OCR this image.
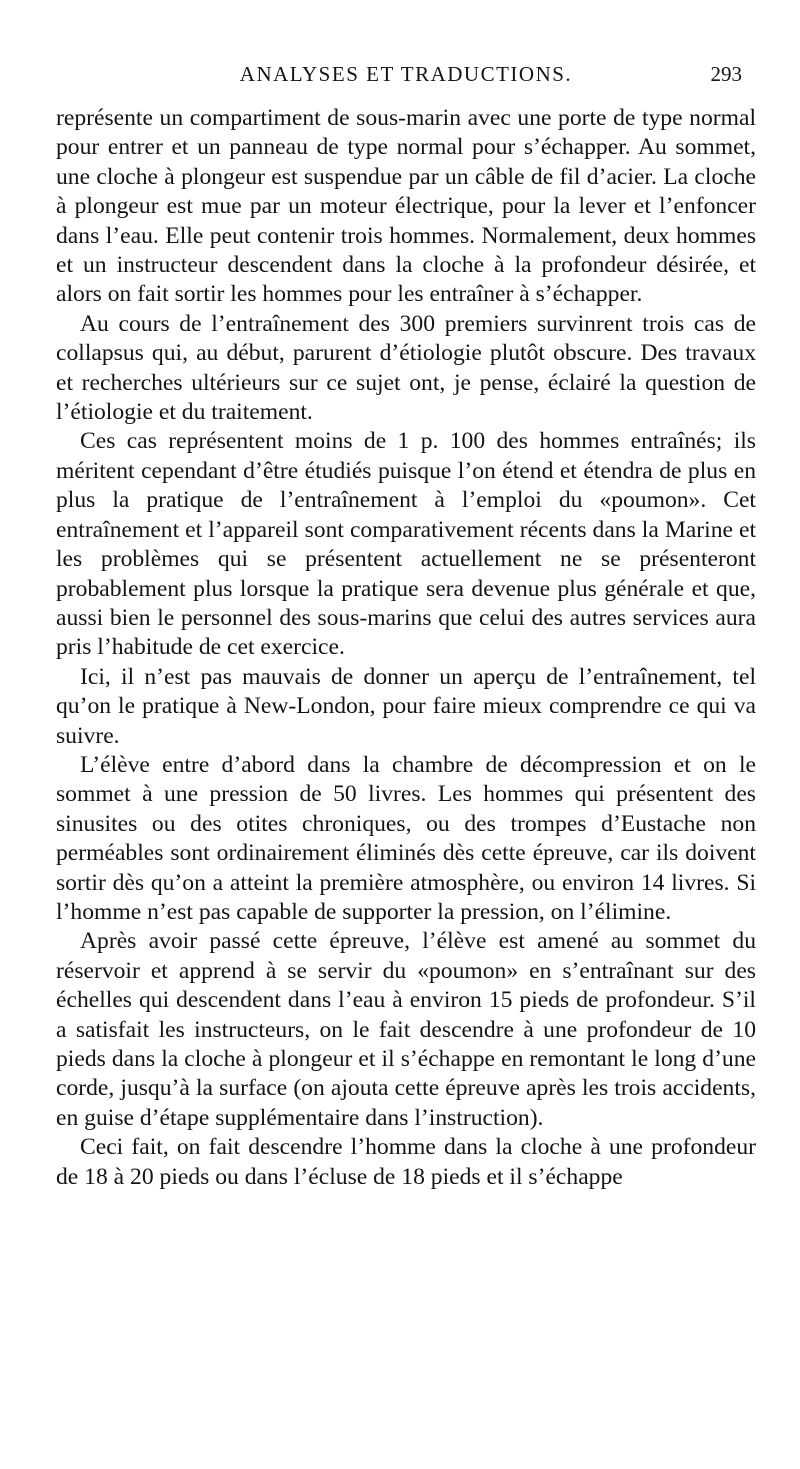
ANALYSES ET TRADUCTIONS.	293

représente un compartiment de sous-marin avec une porte de type normal pour entrer et un panneau de type normal pour s’échapper. Au sommet, une cloche à plongeur est suspendue par un câble de fil d’acier. La cloche à plongeur est mue par un moteur électrique, pour la lever et l’enfoncer dans l’eau. Elle peut contenir trois hommes. Normalement, deux hommes et un instructeur descendent dans la cloche à la profondeur désirée, et alors on fait sortir les hommes pour les entraîner à s’échapper.

Au cours de l’entraînement des 300 premiers survinrent trois cas de collapsus qui, au début, parurent d’étiologie plutôt obscure. Des travaux et recherches ultérieurs sur ce sujet ont, je pense, éclairé la question de l’étiologie et du traitement.

Ces cas représentent moins de 1 p. 100 des hommes entraînés; ils méritent cependant d’être étudiés puisque l’on étend et étendra de plus en plus la pratique de l’entraînement à l’emploi du «poumon». Cet entraînement et l’appareil sont comparativement récents dans la Marine et les problèmes qui se présentent actuellement ne se présenteront probablement plus lorsque la pratique sera devenue plus générale et que, aussi bien le personnel des sous-marins que celui des autres services aura pris l’habitude de cet exercice.

Ici, il n’est pas mauvais de donner un aperçu de l’entraînement, tel qu’on le pratique à New-London, pour faire mieux comprendre ce qui va suivre.

L’élève entre d’abord dans la chambre de décompression et on le sommet à une pression de 50 livres. Les hommes qui présentent des sinusites ou des otites chroniques, ou des trompes d’Eustache non perméables sont ordinairement éliminés dès cette épreuve, car ils doivent sortir dès qu’on a atteint la première atmosphère, ou environ 14 livres. Si l’homme n’est pas capable de supporter la pression, on l’élimine.

Après avoir passé cette épreuve, l’élève est amené au sommet du réservoir et apprend à se servir du «poumon» en s’entraînant sur des échelles qui descendent dans l’eau à environ 15 pieds de profondeur. S’il a satisfait les instructeurs, on le fait descendre à une profondeur de 10 pieds dans la cloche à plongeur et il s’échappe en remontant le long d’une corde, jusqu’à la surface (on ajouta cette épreuve après les trois accidents, en guise d’étape supplémentaire dans l’instruction).

Ceci fait, on fait descendre l’homme dans la cloche à une profondeur de 18 à 20 pieds ou dans l’écluse de 18 pieds et il s’échappe
